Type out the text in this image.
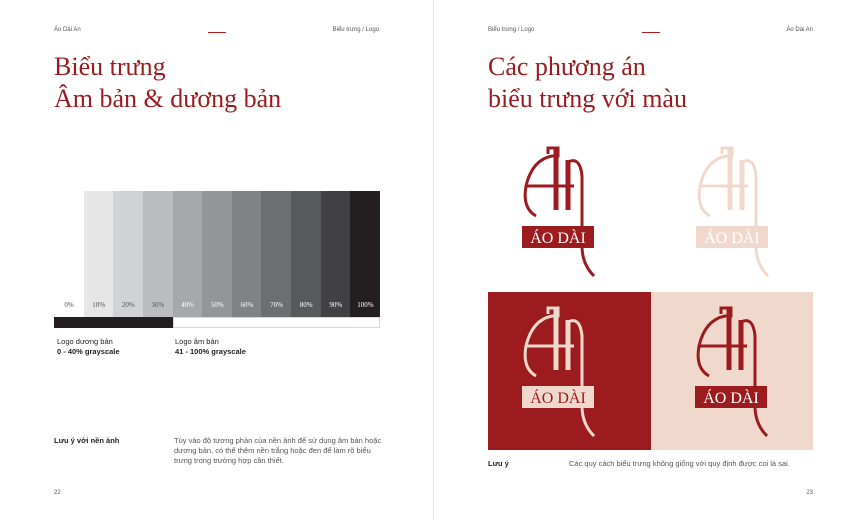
Áo Dài An	Biểu trưng / Logo
Biểu trưng
Âm bản & dương bản
0%	10%	20%	30%	40%	50%	60%	70%	80%	90%	100%
Logo dương bản
0 - 40% grayscale
Logo âm bản
41 - 100% grayscale
Lưu ý với nền ảnh	Tùy vào độ tương phản của nền ảnh để sử dụng âm bản hoặc dương bản, có thể thêm nền trắng hoặc đen để làm rõ biểu trưng trong trường hợp cần thiết.
22
Biểu trưng / Logo	Áo Dài An
Các phương án
biểu trưng với màu
ÁO DÀI	ÁO DÀI
ÁO DÀI	ÁO DÀI
Lưu ý	Các quy cách biểu trưng không giống với quy định được coi là sai.
23
